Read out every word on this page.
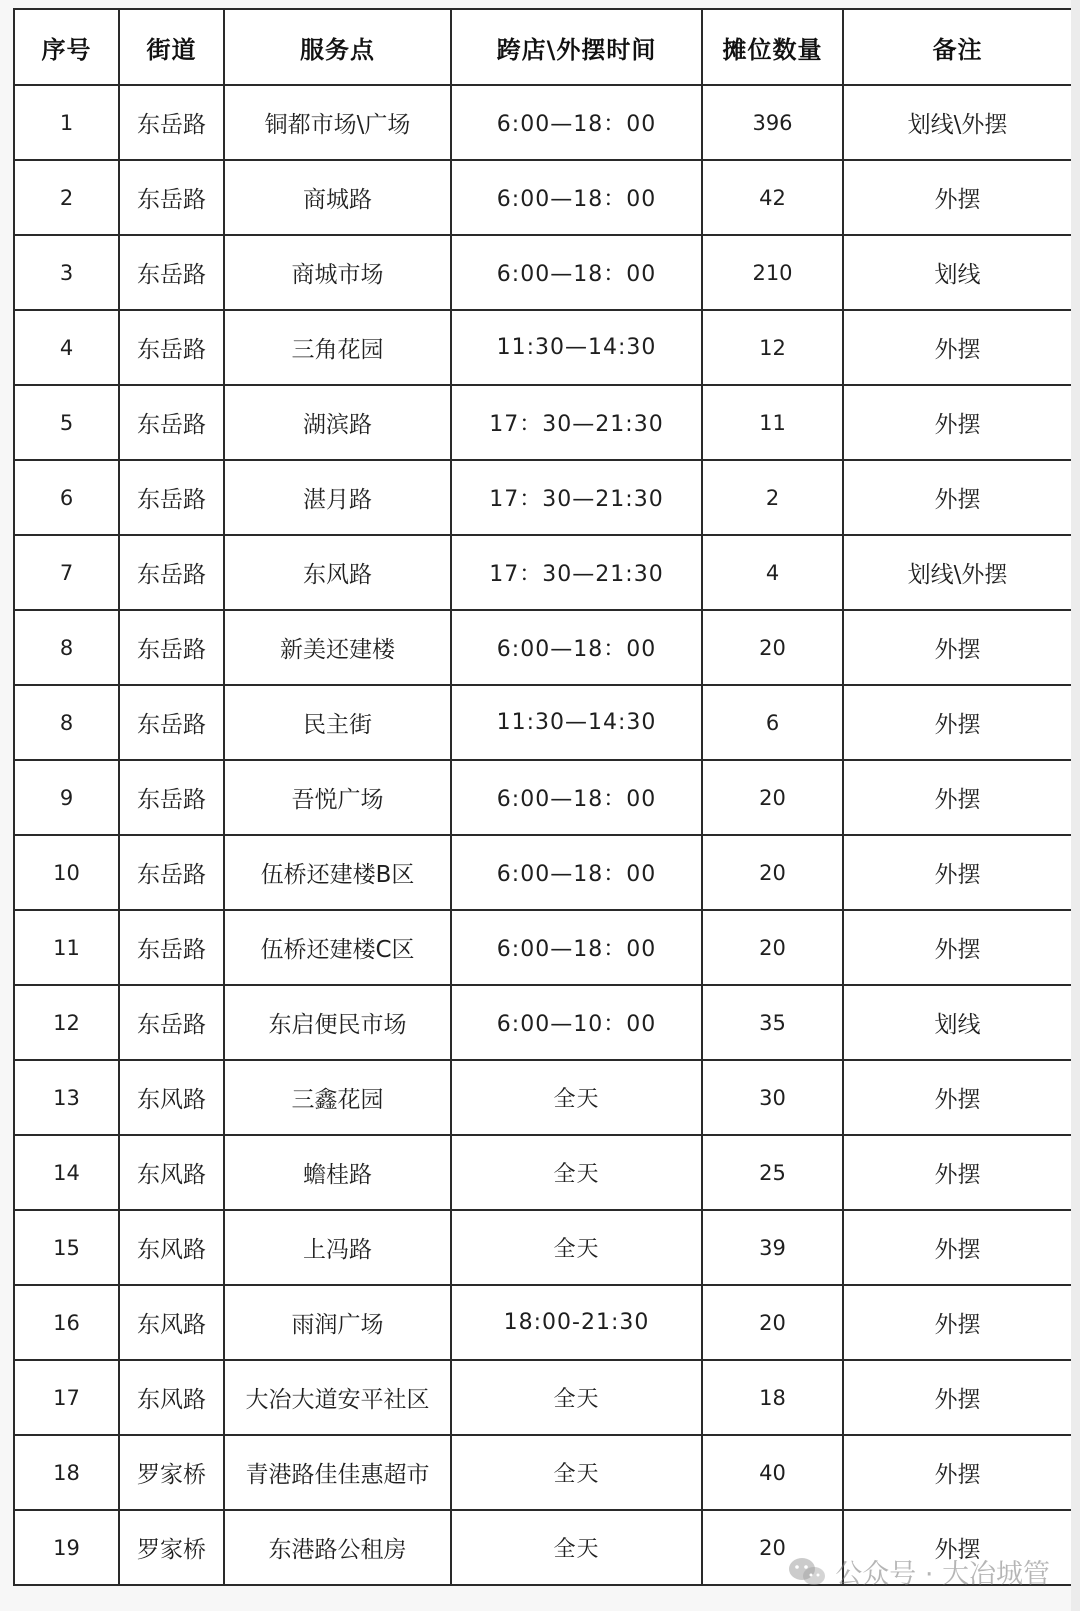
序号	街道	服务点	跨店\外摆时间	摊位数量	备注
1	东岳路	铜都市场\广场	6:00—18：00	396	划线\外摆
2	东岳路	商城路	6:00—18：00	42	外摆
3	东岳路	商城市场	6:00—18：00	210	划线
4	东岳路	三角花园	11:30—14:30	12	外摆
5	东岳路	湖滨路	17：30—21:30	11	外摆
6	东岳路	湛月路	17：30—21:30	2	外摆
7	东岳路	东风路	17：30—21:30	4	划线\外摆
8	东岳路	新美还建楼	6:00—18：00	20	外摆
8	东岳路	民主街	11:30—14:30	6	外摆
9	东岳路	吾悦广场	6:00—18：00	20	外摆
10	东岳路	伍桥还建楼B区	6:00—18：00	20	外摆
11	东岳路	伍桥还建楼C区	6:00—18：00	20	外摆
12	东岳路	东启便民市场	6:00—10：00	35	划线
13	东风路	三鑫花园	全天	30	外摆
14	东风路	蟾桂路	全天	25	外摆
15	东风路	上冯路	全天	39	外摆
16	东风路	雨润广场	18:00-21:30	20	外摆
17	东风路	大冶大道安平社区	全天	18	外摆
18	罗家桥	青港路佳佳惠超市	全天	40	外摆
19	罗家桥	东港路公租房	全天	20	外摆
公众号 · 大冶城管
